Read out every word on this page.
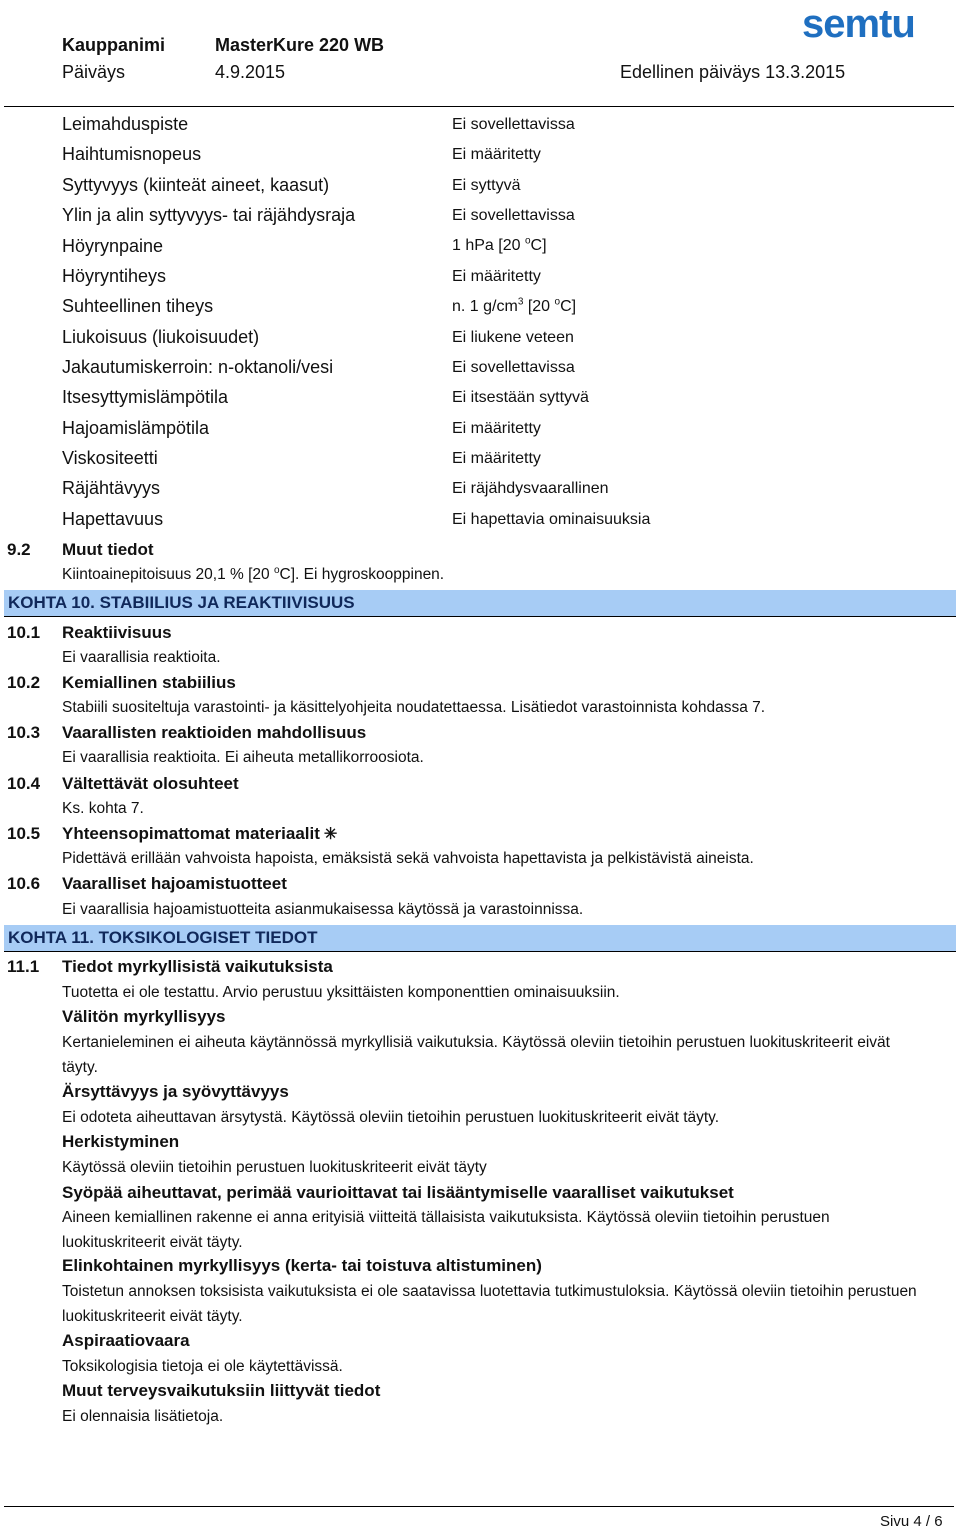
Kauppanimi	MasterKure 220 WB
Päiväys	4.9.2015	Edellinen päiväys 13.3.2015
semtu
Leimahduspiste	Ei sovellettavissa
Haihtumisnopeus	Ei määritetty
Syttyvyys (kiinteät aineet, kaasut)	Ei syttyvä
Ylin ja alin syttyvyys- tai räjähdysraja	Ei sovellettavissa
Höyrynpaine	1 hPa [20 $^o$C]
Höyryntiheys	Ei määritetty
Suhteellinen tiheys	n. 1 $g/cm^3$ [20 $^o$C]
Liukoisuus (liukoisuudet)	Ei liukene veteen
Jakautumiskerroin: n-oktanoli/vesi	Ei sovellettavissa
Itsesyttymislämpötila	Ei itsestään syttyvä
Hajoamislämpötila	Ei määritetty
Viskositeetti	Ei määritetty
Räjähtävyys	Ei räjähdysvaarallinen
Hapettavuus	Ei hapettavia ominaisuuksia
9.2 Muut tiedot
Kiintoainepitoisuus 20,1 % [20 $^o$C]. Ei hygroskooppinen.
KOHTA 10. STABIILIUS JA REAKTIIVISUUS
10.1 Reaktiivisuus
Ei vaarallisia reaktioita.
10.2 Kemiallinen stabiilius
Stabiili suositeltuja varastointi- ja käsittelyohjeita noudatettaessa. Lisätiedot varastoinnista kohdassa 7.
10.3 Vaarallisten reaktioiden mahdollisuus
Ei vaarallisia reaktioita. Ei aiheuta metallikorroosiota.
10.4 Vältettävät olosuhteet
Ks. kohta 7.
10.5 Yhteensopimattomat materiaalit ✳
Pidettävä erillään vahvoista hapoista, emäksistä sekä vahvoista hapettavista ja pelkistävistä aineista.
10.6 Vaaralliset hajoamistuotteet
Ei vaarallisia hajoamistuotteita asianmukaisessa käytössä ja varastoinnissa.
KOHTA 11. TOKSIKOLOGISET TIEDOT
11.1 Tiedot myrkyllisistä vaikutuksista
Tuotetta ei ole testattu. Arvio perustuu yksittäisten komponenttien ominaisuuksiin.
Välitön myrkyllisyys
Kertanieleminen ei aiheuta käytännössä myrkyllisiä vaikutuksia. Käytössä oleviin tietoihin perustuen luokituskriteerit eivät täyty.
Ärsyttävyys ja syövyttävyys
Ei odoteta aiheuttavan ärsytystä. Käytössä oleviin tietoihin perustuen luokituskriteerit eivät täyty.
Herkistyminen
Käytössä oleviin tietoihin perustuen luokituskriteerit eivät täyty
Syöpää aiheuttavat, perimää vaurioittavat tai lisääntymiselle vaaralliset vaikutukset
Aineen kemiallinen rakenne ei anna erityisiä viitteitä tällaisista vaikutuksista. Käytössä oleviin tietoihin perustuen luokituskriteerit eivät täyty.
Elinkohtainen myrkyllisyys (kerta- tai toistuva altistuminen)
Toistetun annoksen toksisista vaikutuksista ei ole saatavissa luotettavia tutkimustuloksia. Käytössä oleviin tietoihin perustuen luokituskriteerit eivät täyty.
Aspiraatiovaara
Toksikologisia tietoja ei ole käytettävissä.
Muut terveysvaikutuksiin liittyvät tiedot
Ei olennaisia lisätietoja.
Sivu 4 / 6
